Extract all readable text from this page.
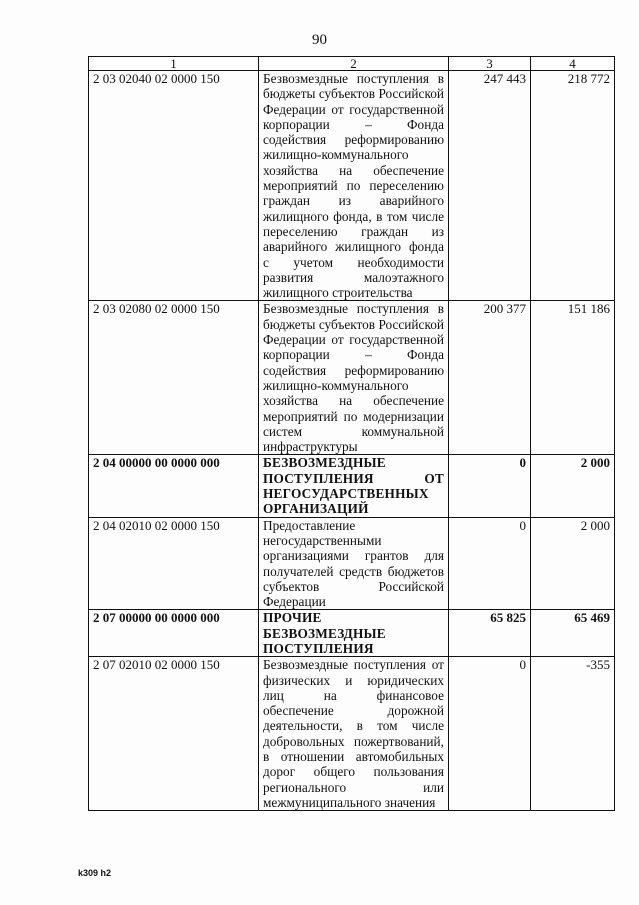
90
1	2	3	4
2 03 02040 02 0000 150	Безвозмездные поступления в бюджеты субъектов Российской Федерации от государственной корпорации – Фонда содействия реформированию жилищно-коммунального хозяйства на обеспечение мероприятий по переселению граждан из аварийного жилищного фонда, в том числе переселению граждан из аварийного жилищного фонда с учетом необходимости развития малоэтажного жилищного строительства	247 443	218 772
2 03 02080 02 0000 150	Безвозмездные поступления в бюджеты субъектов Российской Федерации от государственной корпорации – Фонда содействия реформированию жилищно-коммунального хозяйства на обеспечение мероприятий по модернизации систем коммунальной инфраструктуры	200 377	151 186
2 04 00000 00 0000 000	БЕЗВОЗМЕЗДНЫЕ ПОСТУПЛЕНИЯ ОТ НЕГОСУДАРСТВЕННЫХ ОРГАНИЗАЦИЙ	0	2 000
2 04 02010 02 0000 150	Предоставление негосударственными организациями грантов для получателей средств бюджетов субъектов Российской Федерации	0	2 000
2 07 00000 00 0000 000	ПРОЧИЕ БЕЗВОЗМЕЗДНЫЕ ПОСТУПЛЕНИЯ	65 825	65 469
2 07 02010 02 0000 150	Безвозмездные поступления от физических и юридических лиц на финансовое обеспечение дорожной деятельности, в том числе добровольных пожертвований, в отношении автомобильных дорог общего пользования регионального или межмуниципального значения	0	-355
k309 h2
